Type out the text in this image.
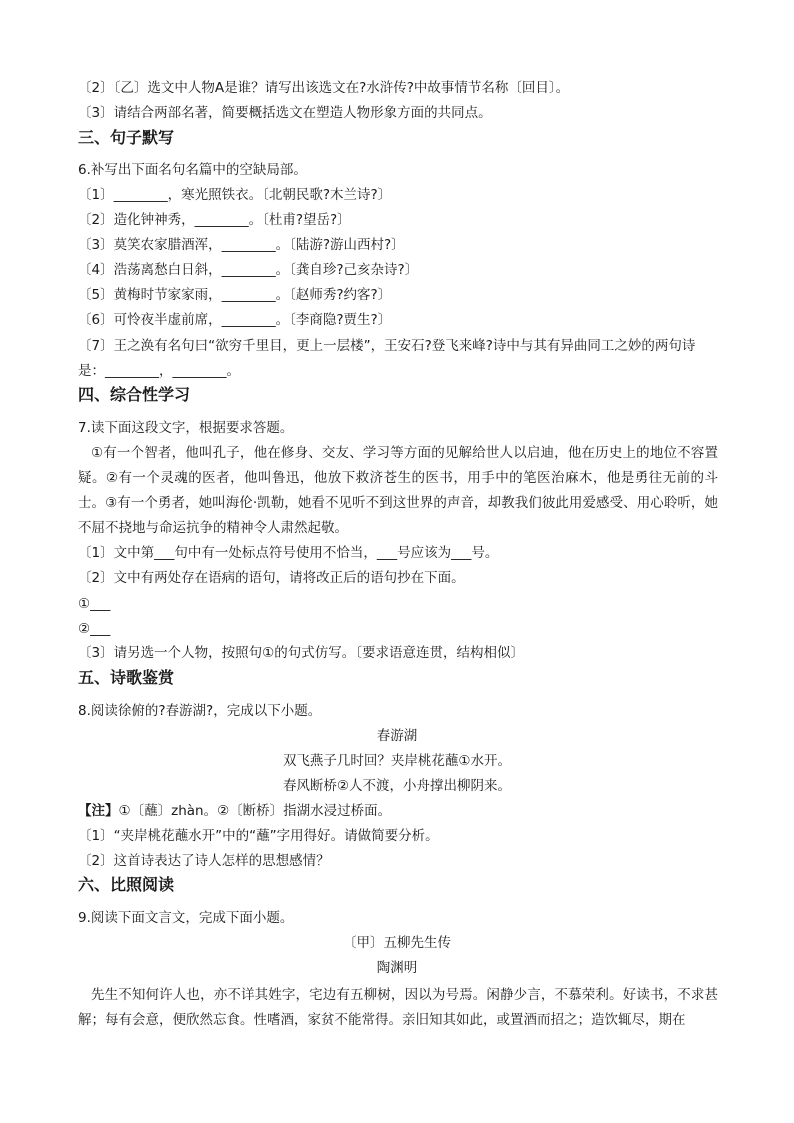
〔2〕〔乙〕选文中人物A是谁？请写出该选文在?水浒传?中故事情节名称〔回目〕。
〔3〕请结合两部名著，简要概括选文在塑造人物形象方面的共同点。
三、句子默写
6.补写出下面名句名篇中的空缺局部。
〔1〕________，寒光照铁衣。〔北朝民歌?木兰诗?〕
〔2〕造化钟神秀，________。〔杜甫?望岳?〕
〔3〕莫笑农家腊酒浑，________。〔陆游?游山西村?〕
〔4〕浩荡离愁白日斜，________。〔龚自珍?己亥杂诗?〕
〔5〕黄梅时节家家雨，________。〔赵师秀?约客?〕
〔6〕可怜夜半虚前席，________。〔李商隐?贾生?〕
〔7〕王之涣有名句曰“欲穷千里目，更上一层楼”，王安石?登飞来峰?诗中与其有异曲同工之妙的两句诗
是：________，________。
四、综合性学习
7.读下面这段文字，根据要求答题。
①有一个智者，他叫孔子，他在修身、交友、学习等方面的见解给世人以启迪，他在历史上的地位不容置疑。②有一个灵魂的医者，他叫鲁迅，他放下救济苍生的医书，用手中的笔医治麻木，他是勇往无前的斗士。③有一个勇者，她叫海伦·凯勒，她看不见听不到这世界的声音，却教我们彼此用爱感受、用心聆听，她不屈不挠地与命运抗争的精神令人肃然起敬。
〔1〕文中第___句中有一处标点符号使用不恰当，___号应该为___号。
〔2〕文中有两处存在语病的语句，请将改正后的语句抄在下面。
①___
②___
〔3〕请另选一个人物，按照句①的句式仿写。〔要求语意连贯，结构相似〕
五、诗歌鉴赏
8.阅读徐俯的?春游湖?，完成以下小题。
春游湖
双飞燕子几时回？夹岸桃花蘸①水开。
春风断桥②人不渡，小舟撑出柳阴来。
【注】①〔蘸〕zhàn。②〔断桥〕指湖水浸过桥面。
〔1〕“夹岸桃花蘸水开”中的“蘸”字用得好。请做简要分析。
〔2〕这首诗表达了诗人怎样的思想感情？
六、比照阅读
9.阅读下面文言文，完成下面小题。
〔甲〕五柳先生传
陶渊明
先生不知何许人也，亦不详其姓字，宅边有五柳树，因以为号焉。闲静少言，不慕荣利。好读书，不求甚解；每有会意，便欣然忘食。性嗜酒，家贫不能常得。亲旧知其如此，或置酒而招之；造饮辄尽，期在
